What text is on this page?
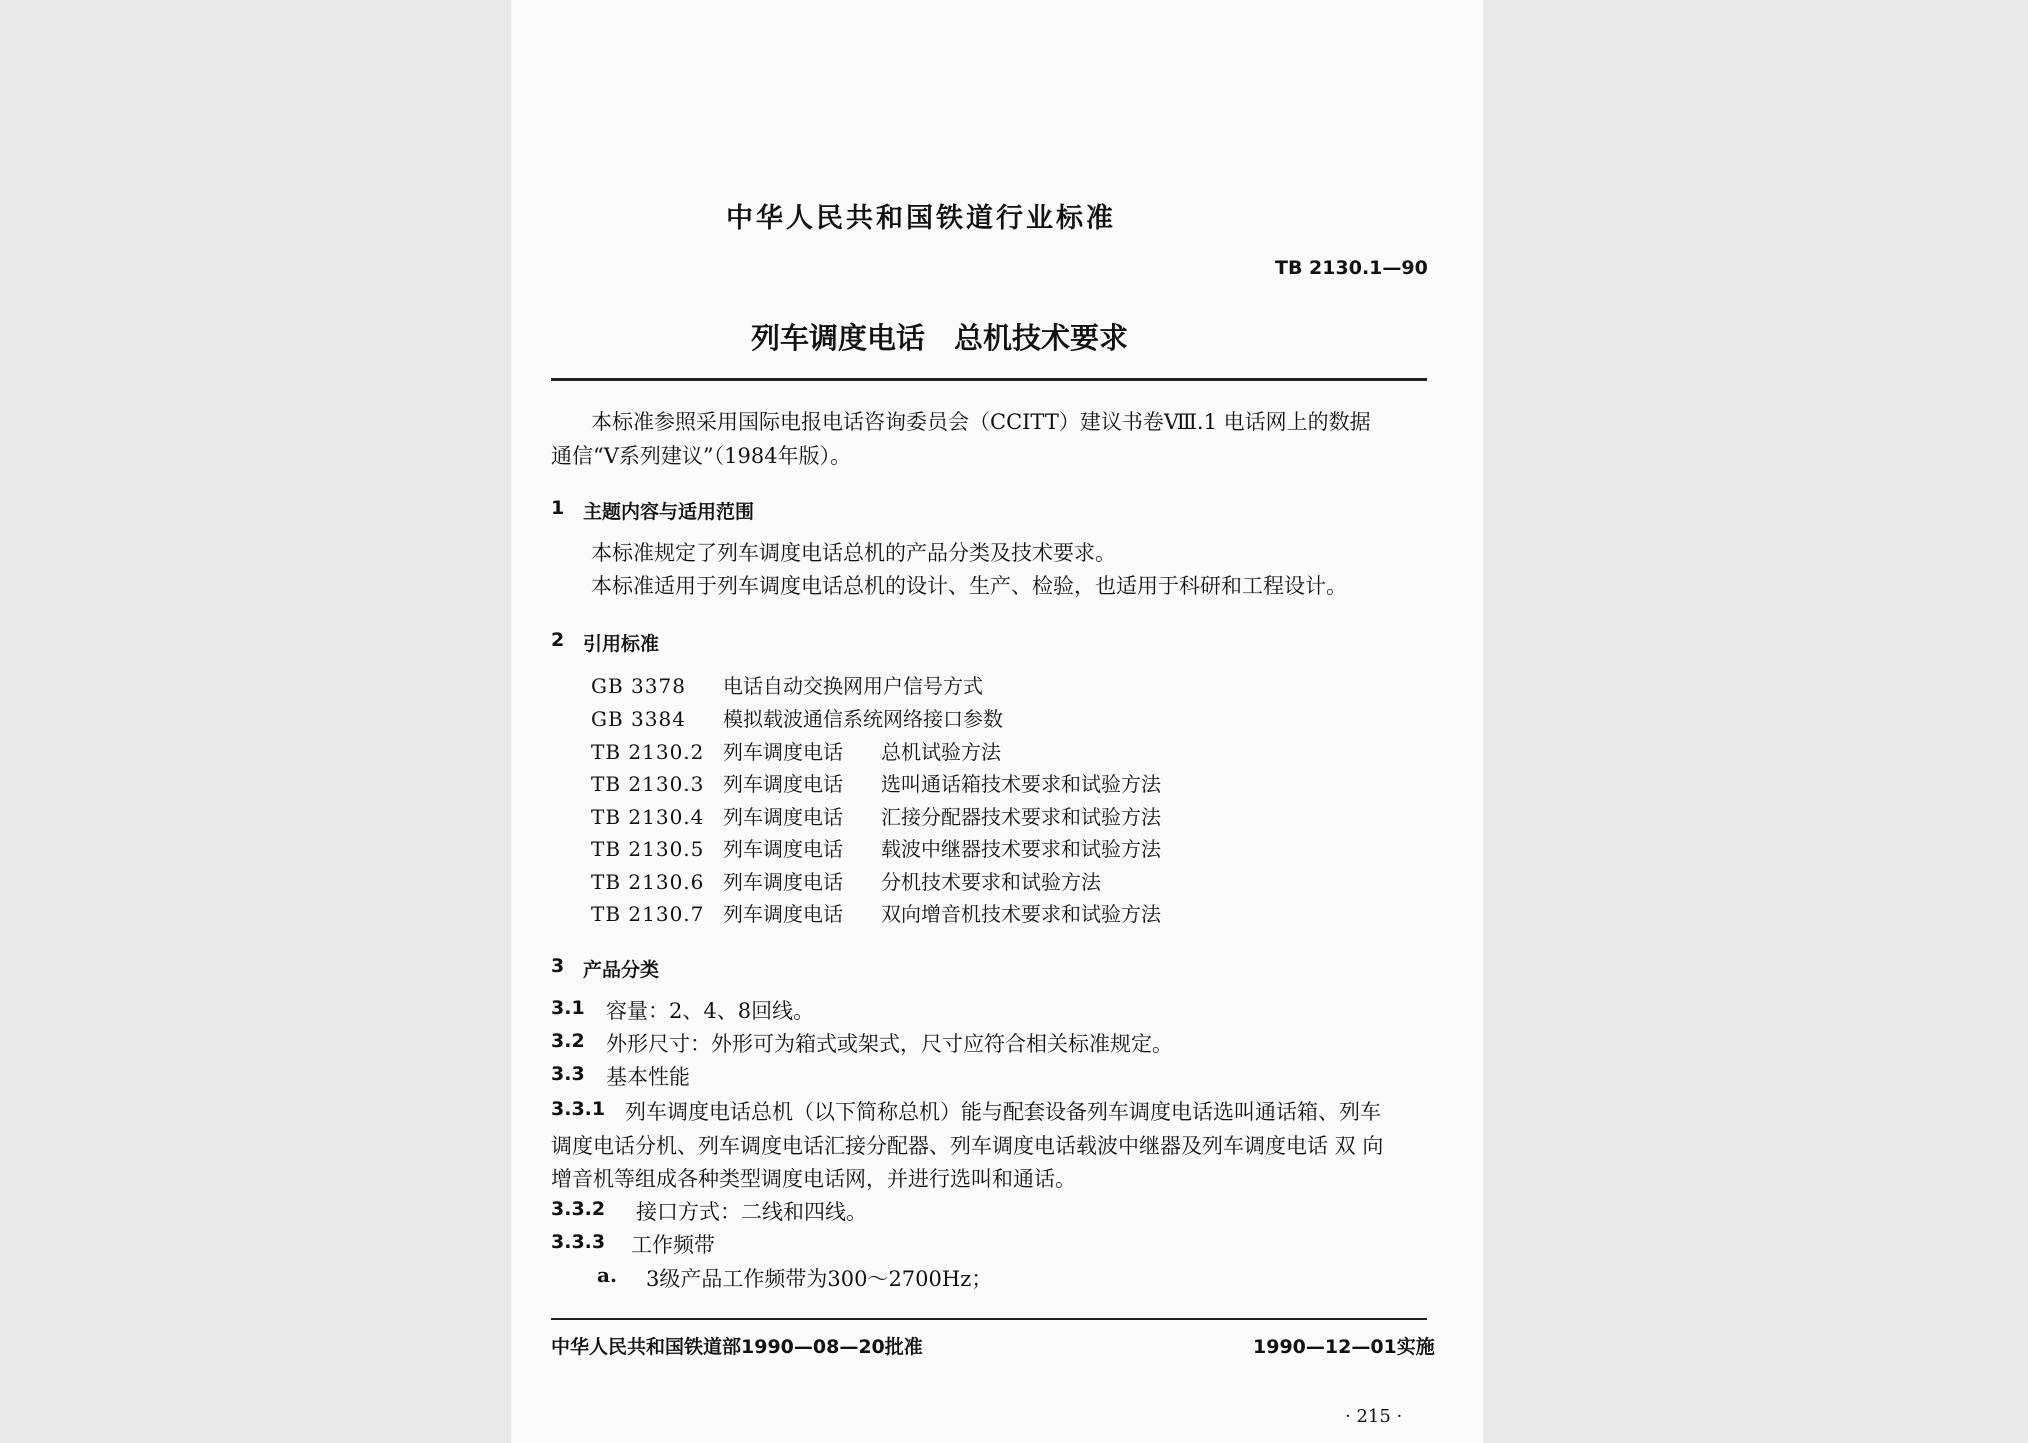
中华人民共和国铁道行业标准
TB 2130.1—90
列车调度电话　总机技术要求
本标准参照采用国际电报电话咨询委员会（CCITT）建议书卷Ⅷ.1 电话网上的数据
通信“V系列建议”（1984年版）。
1 主题内容与适用范围
本标准规定了列车调度电话总机的产品分类及技术要求。
本标准适用于列车调度电话总机的设计、生产、检验，也适用于科研和工程设计。
2 引用标准
GB 3378 电话自动交换网用户信号方式
GB 3384 模拟载波通信系统网络接口参数
TB 2130.2 列车调度电话 总机试验方法
TB 2130.3 列车调度电话 选叫通话箱技术要求和试验方法
TB 2130.4 列车调度电话 汇接分配器技术要求和试验方法
TB 2130.5 列车调度电话 载波中继器技术要求和试验方法
TB 2130.6 列车调度电话 分机技术要求和试验方法
TB 2130.7 列车调度电话 双向增音机技术要求和试验方法
3 产品分类
3.1 容量：2、4、8回线。
3.2 外形尺寸：外形可为箱式或架式，尺寸应符合相关标准规定。
3.3 基本性能
3.3.1 列车调度电话总机（以下简称总机）能与配套设备列车调度电话选叫通话箱、列车
调度电话分机、列车调度电话汇接分配器、列车调度电话载波中继器及列车调度电话 双 向
增音机等组成各种类型调度电话网，并进行选叫和通话。
3.3.2 接口方式：二线和四线。
3.3.3 工作频带
a. 3级产品工作频带为300～2700Hz；
中华人民共和国铁道部1990—08—20批准	1990—12—01实施
· 215 ·
